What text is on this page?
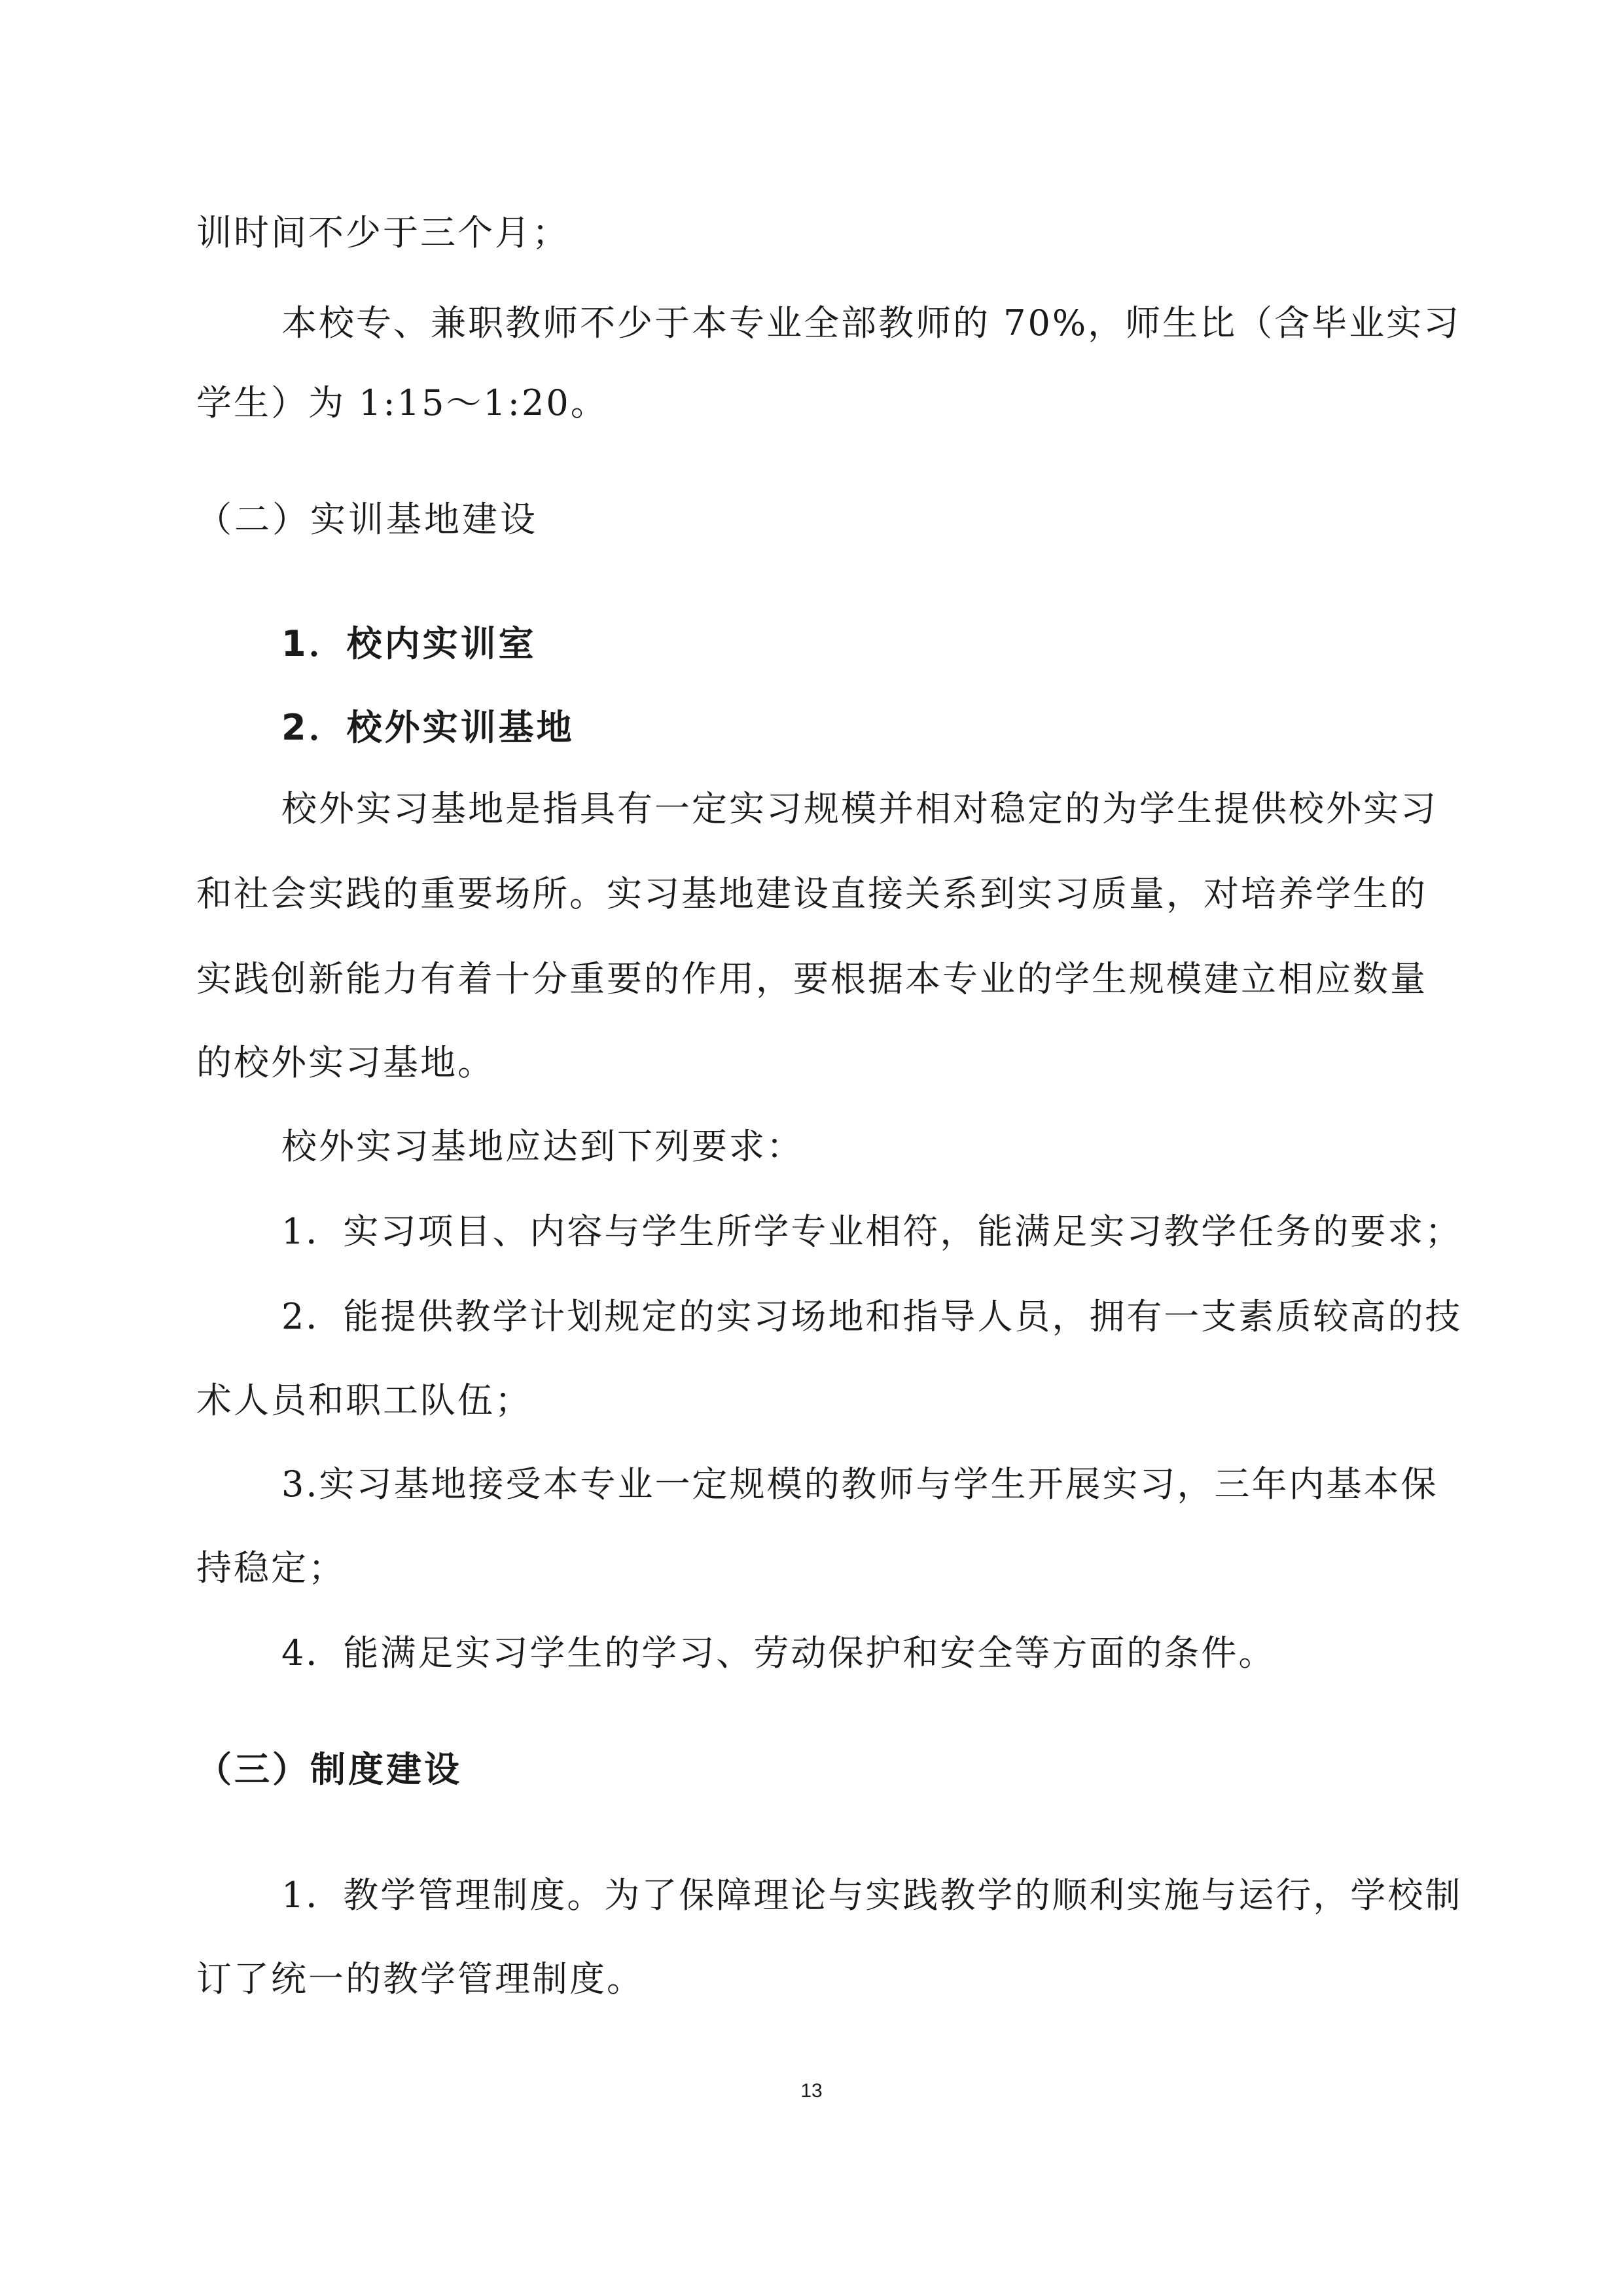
训时间不少于三个月；
本校专、兼职教师不少于本专业全部教师的 70%，师生比（含毕业实习
学生）为 1:15～1:20。
（二）实训基地建设
1．校内实训室
2．校外实训基地
校外实习基地是指具有一定实习规模并相对稳定的为学生提供校外实习
和社会实践的重要场所。实习基地建设直接关系到实习质量，对培养学生的
实践创新能力有着十分重要的作用，要根据本专业的学生规模建立相应数量
的校外实习基地。
校外实习基地应达到下列要求：
1．实习项目、内容与学生所学专业相符，能满足实习教学任务的要求；
2．能提供教学计划规定的实习场地和指导人员，拥有一支素质较高的技
术人员和职工队伍；
3.实习基地接受本专业一定规模的教师与学生开展实习，三年内基本保
持稳定；
4．能满足实习学生的学习、劳动保护和安全等方面的条件。
（三）制度建设
1．教学管理制度。为了保障理论与实践教学的顺利实施与运行，学校制
订了统一的教学管理制度。
13
